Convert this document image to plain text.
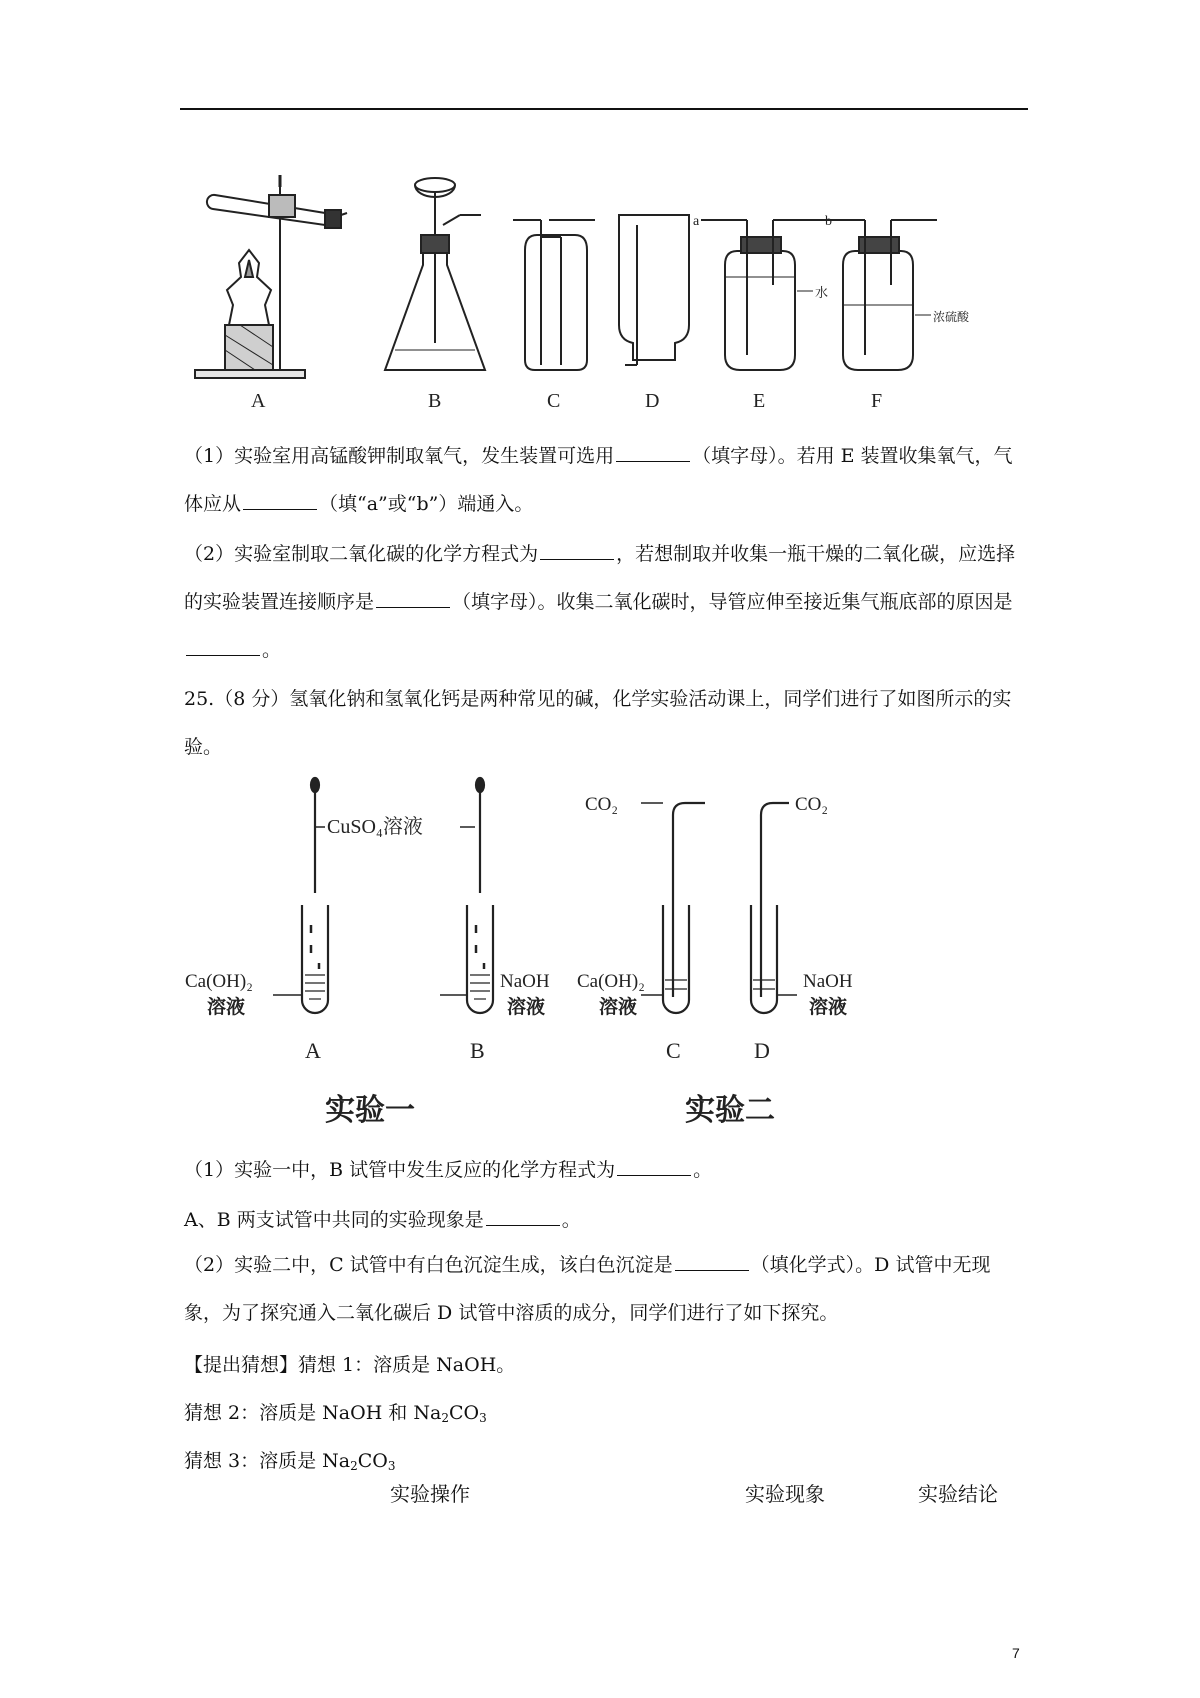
a	b
水
浓硫酸
A	B	C	D	E	F
（1）实验室用高锰酸钾制取氧气，发生装置可选用	（填字母）。若用 E 装置收集氧气，气体应从	（填“a”或“b”）端通入。
（2）实验室制取二氧化碳的化学方程式为	，若想制取并收集一瓶干燥的二氧化碳，应选择的实验装置连接顺序是	（填字母）。收集二氧化碳时，导管应伸至接近集气瓶底部的原因是。
25.（8 分）氢氧化钠和氢氧化钙是两种常见的碱，化学实验活动课上，同学们进行了如图所示的实验。
CuSO₄溶液
Ca(OH)₂
溶液
NaOH
溶液
CO₂	CO₂
Ca(OH)₂
溶液
NaOH
溶液
A	B	C	D
实验一	实验二
（1）实验一中，B 试管中发生反应的化学方程式为	。
A、B 两支试管中共同的实验现象是	。
（2）实验二中，C 试管中有白色沉淀生成，该白色沉淀是	（填化学式）。D 试管中无现象，为了探究通入二氧化碳后 D 试管中溶质的成分，同学们进行了如下探究。
【提出猜想】猜想 1：溶质是 NaOH。
猜想 2：溶质是 NaOH 和 $Na_2CO_3$
猜想 3：溶质是 $Na_2CO_3$
实验操作	实验现象	实验结论
7
